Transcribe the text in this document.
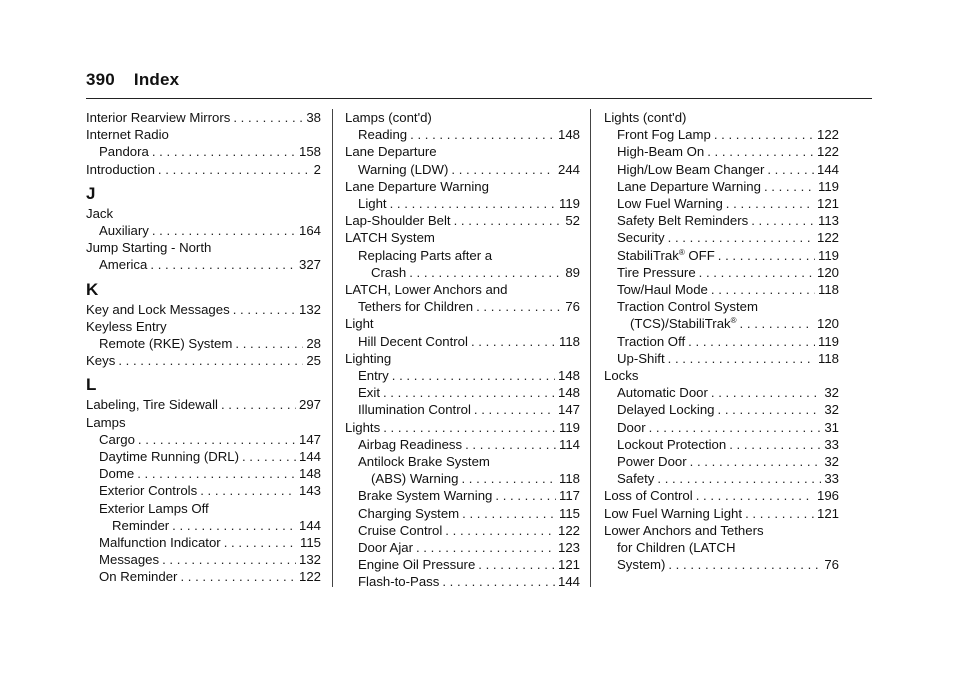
390 Index
Interior Rearview Mirrors . . .	38
Internet Radio
Pandora . . .	158
Introduction . . .	2
J
Jack
Auxiliary . . .	164
Jump Starting - North
America . . .	327
K
Key and Lock Messages . . .	132
Keyless Entry
Remote (RKE) System . . .	28
Keys . . .	25
L
Labeling, Tire Sidewall . . .	297
Lamps
Cargo . . .	147
Daytime Running (DRL) . . .	144
Dome . . .	148
Exterior Controls . . .	143
Exterior Lamps Off
Reminder . . .	144
Malfunction Indicator . . .	115
Messages . . .	132
On Reminder . . .	122
Lamps (cont'd)
Reading . . .	148
Lane Departure
Warning (LDW) . . .	244
Lane Departure Warning
Light . . .	119
Lap-Shoulder Belt . . .	52
LATCH System
Replacing Parts after a
Crash . . .	89
LATCH, Lower Anchors and
Tethers for Children . . .	76
Light
Hill Decent Control . . .	118
Lighting
Entry . . .	148
Exit . . .	148
Illumination Control . . .	147
Lights . . .	119
Airbag Readiness . . .	114
Antilock Brake System
(ABS) Warning . . .	118
Brake System Warning . . .	117
Charging System . . .	115
Cruise Control . . .	122
Door Ajar . . .	123
Engine Oil Pressure . . .	121
Flash-to-Pass . . .	144
Lights (cont'd)
Front Fog Lamp . . .	122
High-Beam On . . .	122
High/Low Beam Changer . . .	144
Lane Departure Warning . . .	119
Low Fuel Warning . . .	121
Safety Belt Reminders . . .	113
Security . . .	122
StabiliTrak® OFF . . .	119
Tire Pressure . . .	120
Tow/Haul Mode . . .	118
Traction Control System
(TCS)/StabiliTrak® . . .	120
Traction Off . . .	119
Up-Shift . . .	118
Locks
Automatic Door . . .	32
Delayed Locking . . .	32
Door . . .	31
Lockout Protection . . .	33
Power Door . . .	32
Safety . . .	33
Loss of Control . . .	196
Low Fuel Warning Light . . .	121
Lower Anchors and Tethers
for Children (LATCH
System) . . .	76
